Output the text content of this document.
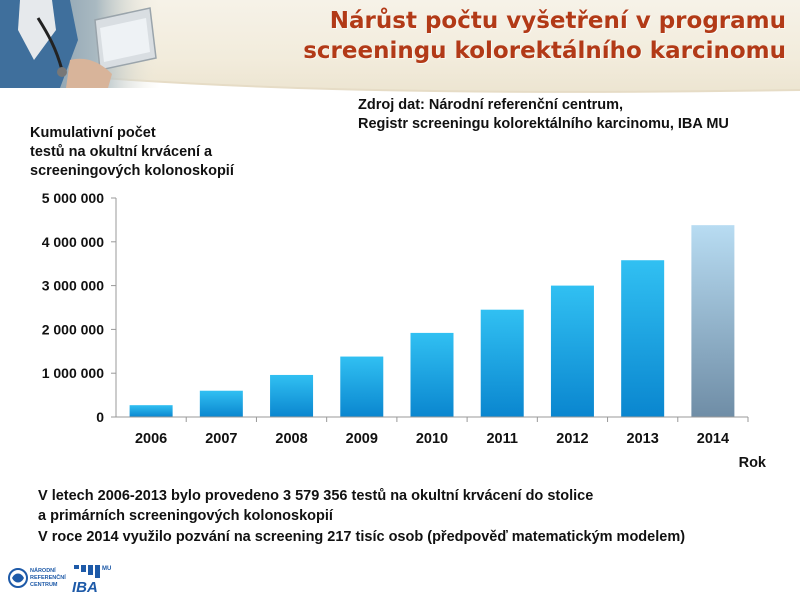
Nárůst počtu vyšetření v programu
screeningu kolorektálního karcinomu
Zdroj dat: Národní referenční centrum,
Registr screeningu kolorektálního karcinomu, IBA MU
Kumulativní počet
testů na okultní krvácení a
screeningových kolonoskopií
0
1 000 000
2 000 000
3 000 000
4 000 000
5 000 000
2006	2007	2008	2009	2010	2011	2012	2013	2014
Rok
V letech 2006-2013 bylo provedeno 3 579 356 testů na okultní krvácení do stolice
a primárních screeningových kolonoskopií
V roce 2014 využilo pozvání na screening 217 tisíc osob (předpověď matematickým modelem)
NÁRODNÍ
REFERENČNÍ
CENTRUM
MU
IBA
